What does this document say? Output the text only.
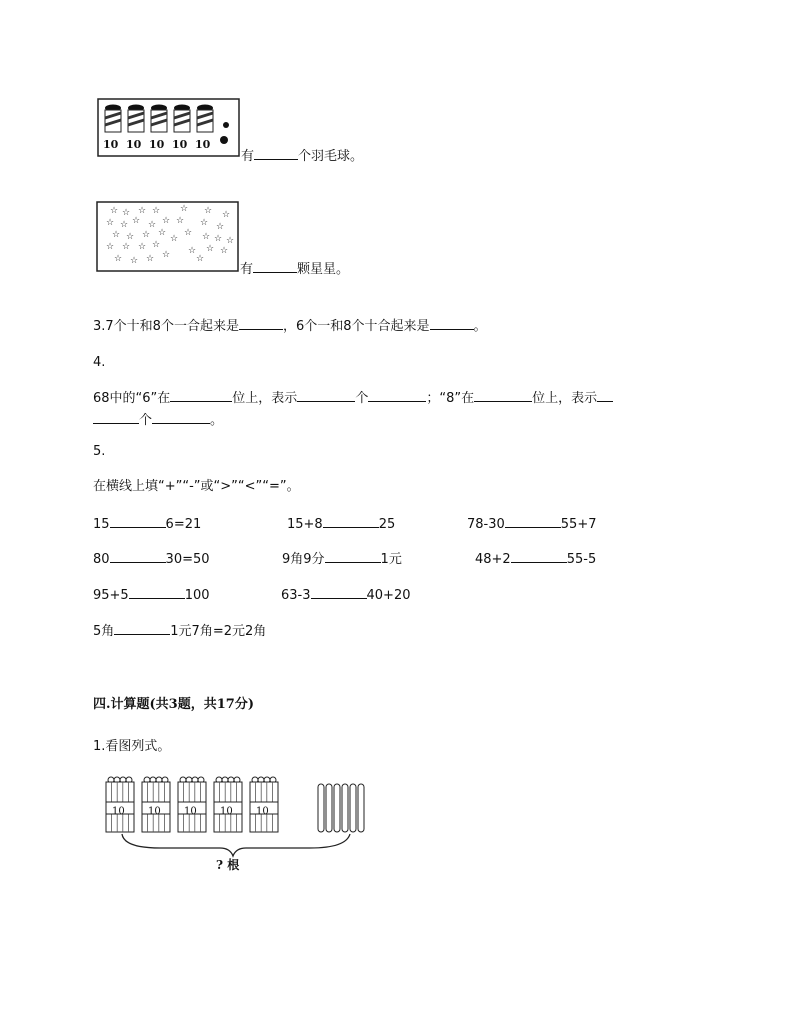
10 10 10 10 10
有	个羽毛球。
☆ ☆ ☆ ☆ ☆ ☆ ☆
☆ ☆ ☆ ☆ ☆ ☆ ☆ ☆
☆ ☆ ☆ ☆ ☆ ☆ ☆ ☆
☆ ☆ ☆ ☆
☆
☆ ☆ ☆
☆ ☆ ☆ ☆	☆
有	颗星星。
3.7个十和8个一合起来是	，6个一和8个十合起来是	。
4.
68中的“6”在	位上，表示	个	；“8”在	位上，表示
个	。
5.
在横线上填“+”“-”或“>”“<”“=”。
15	6=21	15+8	25	78-30	55+7
80	30=50	9角9分	1元	48+2	55-5
95+5	100	63-3	40+20
5角	1元7角=2元2角
四.计算题(共3题，共17分)
1.看图列式。
10 10 10 10 10
? 根
